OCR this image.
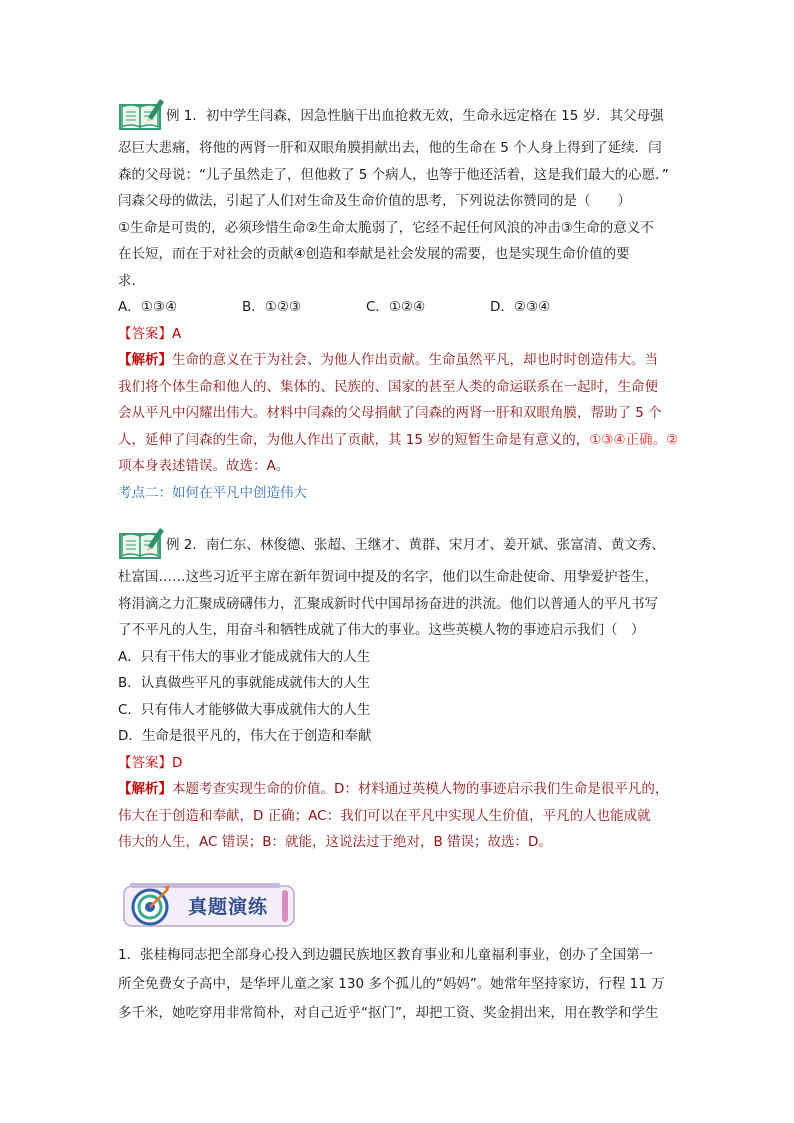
例 1． 初中学生闫森，因急性脑干出血抢救无效，生命永远定格在 15 岁．其父母强
忍巨大悲痛，将他的两肾一肝和双眼角膜捐献出去，他的生命在 5 个人身上得到了延续．闫
森的父母说：“儿子虽然走了，但他救了 5 个病人，也等于他还活着，这是我们最大的心愿．”
闫森父母的做法，引起了人们对生命及生命价值的思考，下列说法你赞同的是（　　）
①生命是可贵的，必须珍惜生命②生命太脆弱了，它经不起任何风浪的冲击③生命的意义不
在长短，而在于对社会的贡献④创造和奉献是社会发展的需要，也是实现生命价值的要
求．
A．①③④	B．①②③	C．①②④	D．②③④
【答案】A
【解析】生命的意义在于为社会、为他人作出贡献。生命虽然平凡，却也时时创造伟大。当
我们将个体生命和他人的、集体的、民族的、国家的甚至人类的命运联系在一起时，生命便
会从平凡中闪耀出伟大。材料中闫森的父母捐献了闫森的两肾一肝和双眼角膜，帮助了 5 个
人，延伸了闫森的生命，为他人作出了贡献，其 15 岁的短暂生命是有意义的，①③④正确。②
项本身表述错误。故选：A。
考点二：如何在平凡中创造伟大
例 2． 南仁东、林俊德、张超、王继才、黄群、宋月才、姜开斌、张富清、黄文秀、
杜富国……这些习近平主席在新年贺词中提及的名字，他们以生命赴使命、用挚爱护苍生，
将涓滴之力汇聚成磅礴伟力，汇聚成新时代中国昂扬奋进的洪流。他们以普通人的平凡书写
了不平凡的人生，用奋斗和牺牲成就了伟大的事业。这些英模人物的事迹启示我们（　）
A．只有干伟大的事业才能成就伟大的人生
B．认真做些平凡的事就能成就伟大的人生
C．只有伟人才能够做大事成就伟大的人生
D．生命是很平凡的，伟大在于创造和奉献
【答案】D
【解析】本题考查实现生命的价值。D：材料通过英模人物的事迹启示我们生命是很平凡的，
伟大在于创造和奉献，D 正确；AC：我们可以在平凡中实现人生价值，平凡的人也能成就
伟大的人生，AC 错误；B：就能，这说法过于绝对，B 错误；故选：D。
真题演练
1．张桂梅同志把全部身心投入到边疆民族地区教育事业和儿童福利事业，创办了全国第一
所全免费女子高中，是华坪儿童之家 130 多个孤儿的“妈妈”。她常年坚持家访，行程 11 万
多千米，她吃穿用非常简朴，对自己近乎“抠门”，却把工资、奖金捐出来，用在教学和学生
